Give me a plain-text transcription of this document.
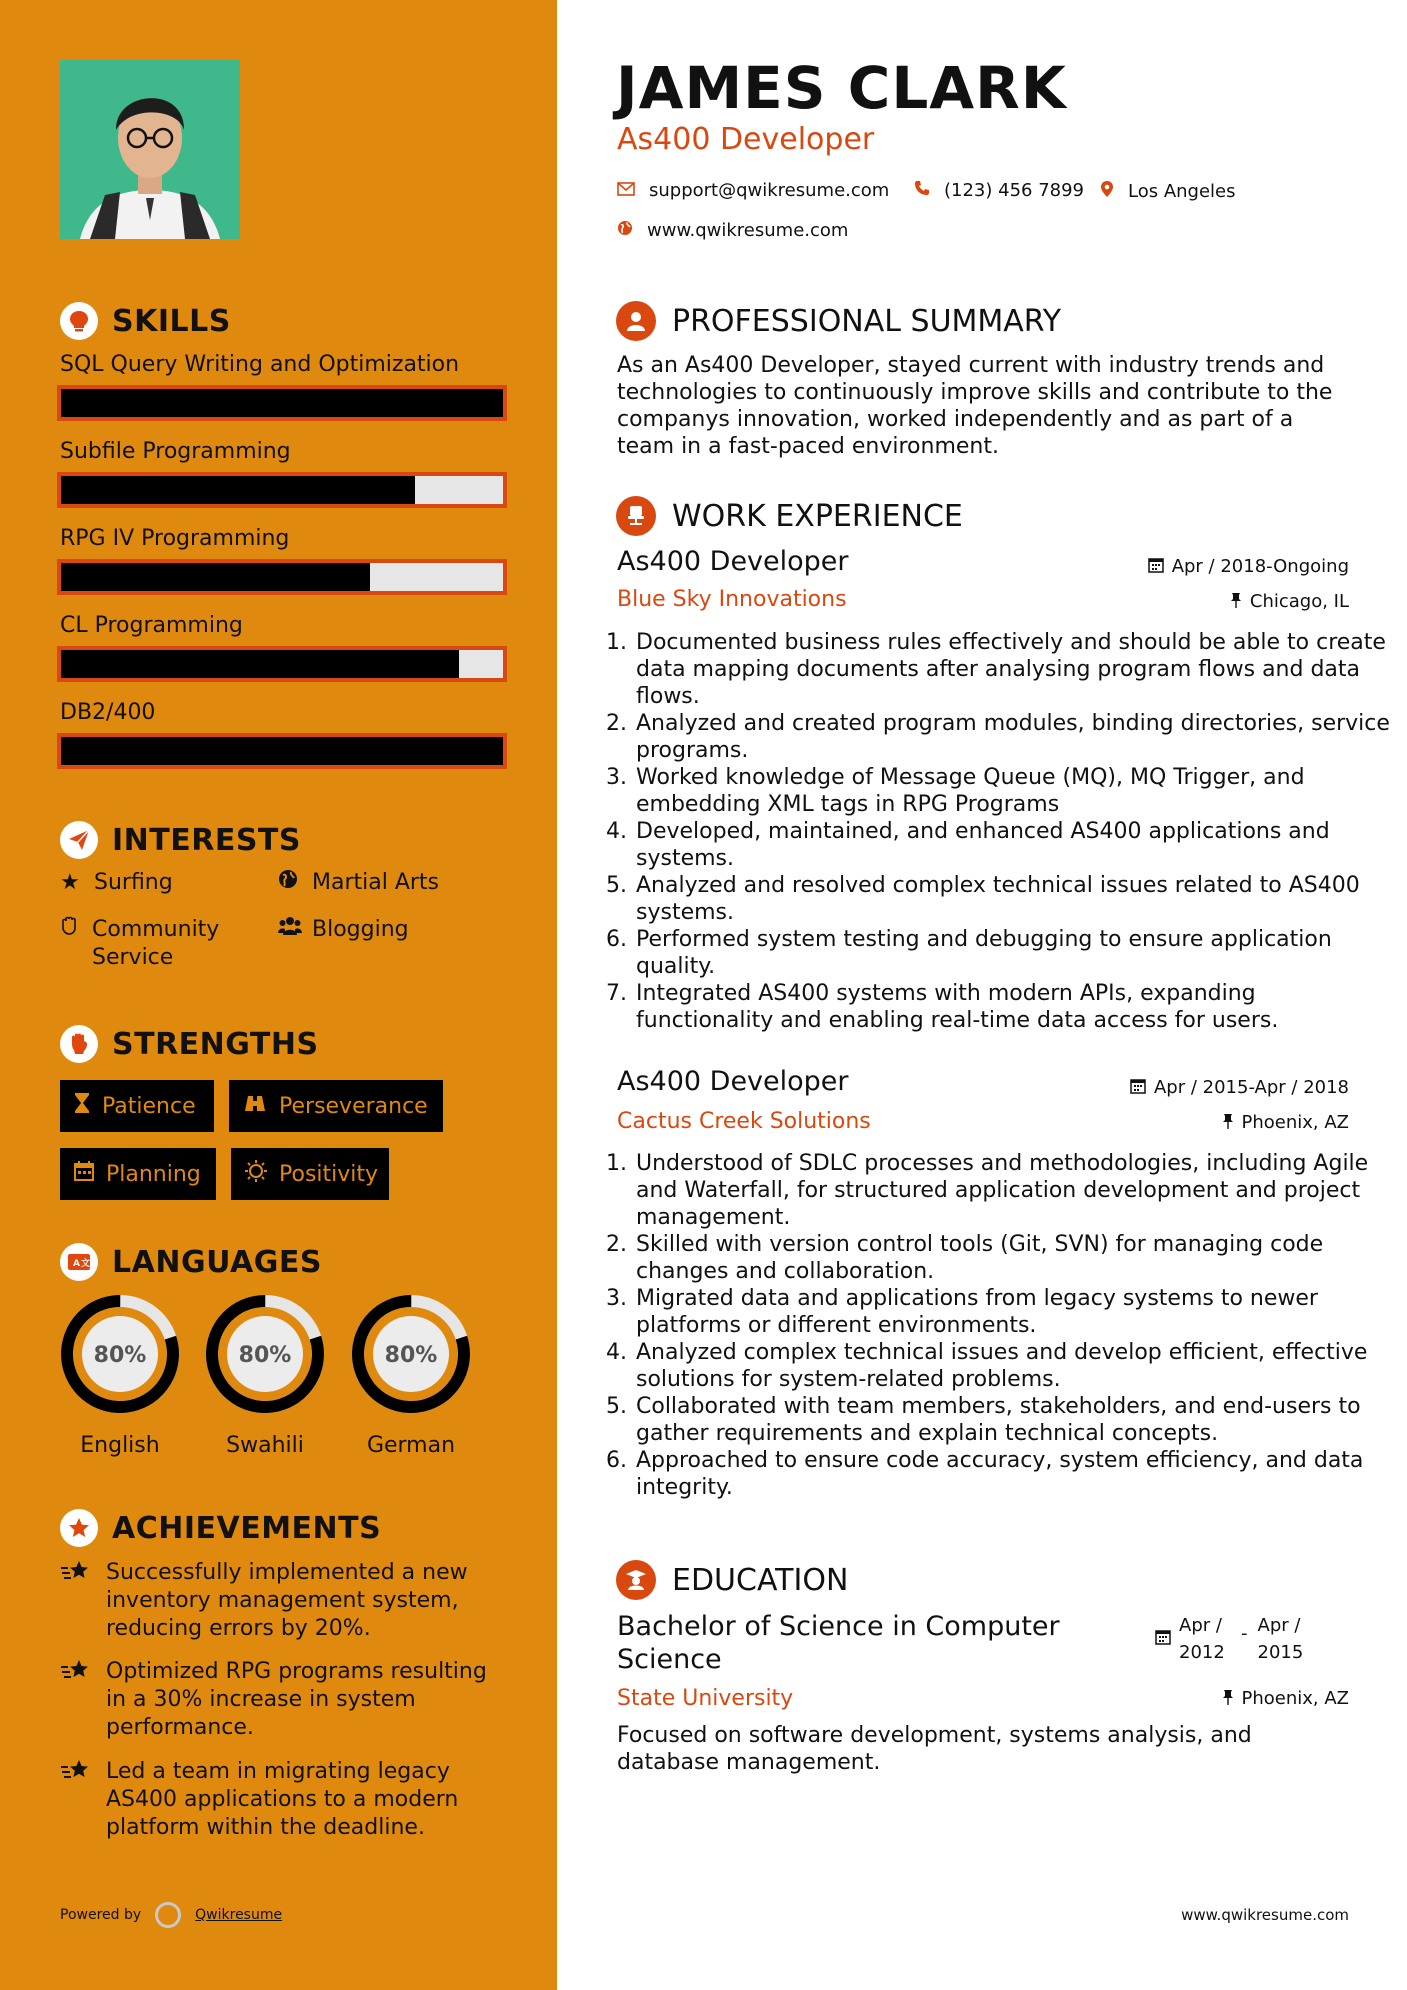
SKILLS
SQL Query Writing and Optimization
Subfile Programming
RPG IV Programming
CL Programming
DB2/400
INTERESTS
★ Surfing	Martial Arts
Community Service
Blogging
STRENGTHS
Patience	Perseverance
Planning	Positivity
A 文 LANGUAGES
80%
English
80%
Swahili
80%
German
ACHIEVEMENTS
Successfully implemented a new inventory management system, reducing errors by 20%.
Optimized RPG programs resulting in a 30% increase in system performance.
Led a team in migrating legacy AS400 applications to a modern platform within the deadline.
Powered by	Qwikresume
JAMES CLARK
As400 Developer
support@qwikresume.com	(123) 456 7899 Los Angeles
www.qwikresume.com
PROFESSIONAL SUMMARY
As an As400 Developer, stayed current with industry trends and technologies to continuously improve skills and contribute to the companys innovation, worked independently and as part of a team in a fast-paced environment.
WORK EXPERIENCE
As400 Developer	Apr / 2018-Ongoing
Blue Sky Innovations	Chicago, IL
1. Documented business rules effectively and should be able to create data mapping documents after analysing program flows and data flows.
2. Analyzed and created program modules, binding directories, service programs.
3. Worked knowledge of Message Queue (MQ), MQ Trigger, and embedding XML tags in RPG Programs
4. Developed, maintained, and enhanced AS400 applications and systems.
5. Analyzed and resolved complex technical issues related to AS400 systems.
6. Performed system testing and debugging to ensure application quality.
7. Integrated AS400 systems with modern APIs, expanding functionality and enabling real-time data access for users.
As400 Developer	Apr / 2015-Apr / 2018
Cactus Creek Solutions	Phoenix, AZ
1. Understood of SDLC processes and methodologies, including Agile and Waterfall, for structured application development and project management.
2. Skilled with version control tools (Git, SVN) for managing code changes and collaboration.
3. Migrated data and applications from legacy systems to newer platforms or different environments.
4. Analyzed complex technical issues and develop efficient, effective solutions for system-related problems.
5. Collaborated with team members, stakeholders, and end-users to gather requirements and explain technical concepts.
6. Approached to ensure code accuracy, system efficiency, and data integrity.
EDUCATION
Bachelor of Science in Computer Science
Apr / 2012
- Apr / 2015
State University	Phoenix, AZ
Focused on software development, systems analysis, and database management.
www.qwikresume.com
